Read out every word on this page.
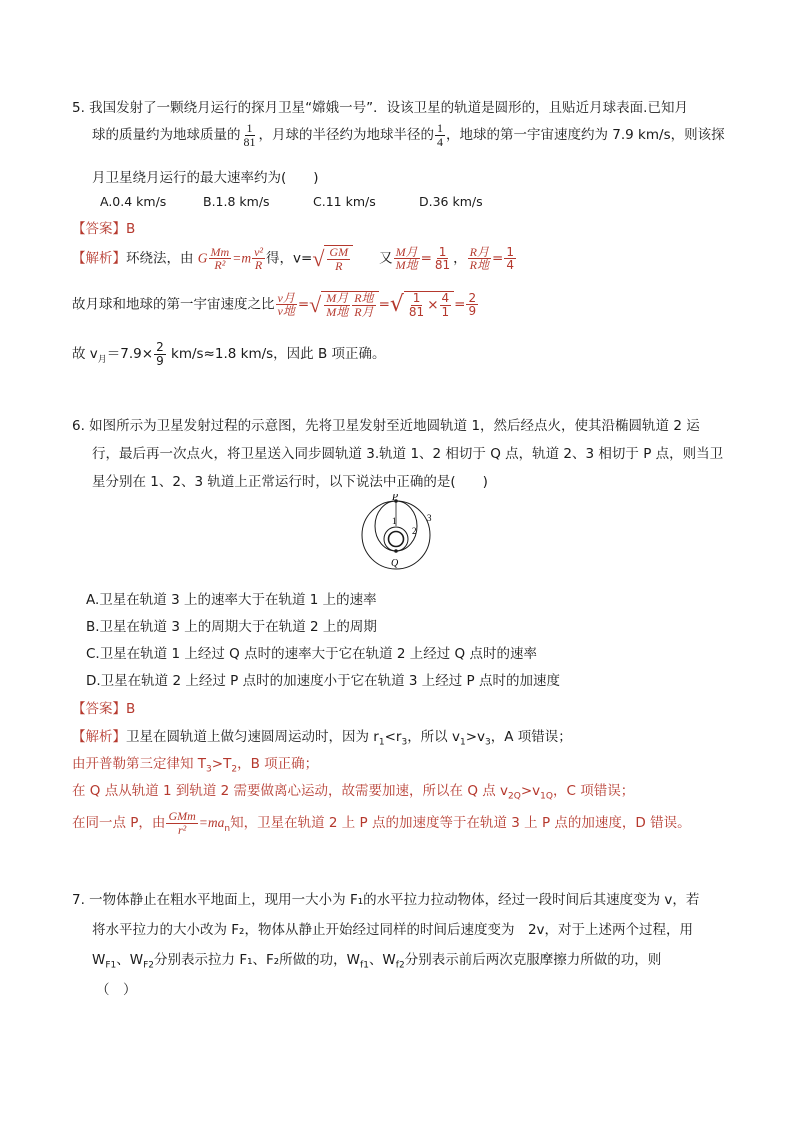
5. 我国发射了一颗绕月运行的探月卫星“嫦娥一号”．设该卫星的轨道是圆形的，且贴近月球表面.已知月
球的质量约为地球质量的 $\frac{1}{81}$ ，月球的半径约为地球半径的 $\frac{1}{4}$ ，地球的第一宇宙速度约为 7.9 km/s，则该探
月卫星绕月运行的最大速率约为(　　)
A.0.4 km/s	B.1.8 km/s	C.11 km/s	D.36 km/s
【答案】B
【解析】环绕法，由 G $\frac{Mm}{\text{R²}} =m \frac{\text{v²}}{R}$ 得，v= √ $\frac{GM}{R}$ 又 $\frac{\text{M月}}{\text{M地}} = \frac{1}{81}$ ， $\frac{\text{R月}}{\text{R地}} = \frac{1}{4}$
故月球和地球的第一宇宙速度之比 $\frac{\text{v月}}{\text{v地}}$ = √ $\frac{\text{M月}}{\text{M地}} \frac{\text{R地}}{\text{R月}}$ = √ $\frac{1}{81} \times \frac{4}{1} = \frac{2}{9}$
故 $v_月=7.9\times \frac{2}{9} km/s\approx 1.8$ km/s，因此 B 项正确。
6. 如图所示为卫星发射过程的示意图，先将卫星发射至近地圆轨道 1，然后经点火，使其沿椭圆轨道 2 运
行，最后再一次点火，将卫星送入同步圆轨道 3.轨道 1、2 相切于 Q 点，轨道 2、3 相切于 P 点，则当卫
星分别在 1、2、3 轨道上正常运行时，以下说法中正确的是(　　)
P
Q
1
2
3
A.卫星在轨道 3 上的速率大于在轨道 1 上的速率
B.卫星在轨道 3 上的周期大于在轨道 2 上的周期
C.卫星在轨道 1 上经过 Q 点时的速率大于它在轨道 2 上经过 Q 点时的速率
D.卫星在轨道 2 上经过 P 点时的加速度小于它在轨道 3 上经过 P 点时的加速度
【答案】B
【解析】卫星在圆轨道上做匀速圆周运动时，因为 $r_1<r_3$，所以 $v_1>v_3$，A 项错误；
由开普勒第三定律知 $T_3>T_2$，B 项正确；
在 Q 点从轨道 1 到轨道 2 需要做离心运动，故需要加速，所以在 Q 点 $v_{2Q}>v_{1Q}$，C 项错误；
在同一点 P，由 $\frac{\text{GMm}}{\text{r²}} =ma_n$知，卫星在轨道 2 上 P 点的加速度等于在轨道 3 上 P 点的加速度，D 错误。
7. 一物体静止在粗水平地面上，现用一大小为 F₁的水平拉力拉动物体，经过一段时间后其速度变为 v，若
将水平拉力的大小改为 F₂，物体从静止开始经过同样的时间后速度变为　2v，对于上述两个过程，用
$W_{F1}$、$W_{F2}$分别表示拉力 F₁、F₂所做的功，$W_{f1}$、$W_{f2}$分别表示前后两次克服摩擦力所做的功，则
（　）
